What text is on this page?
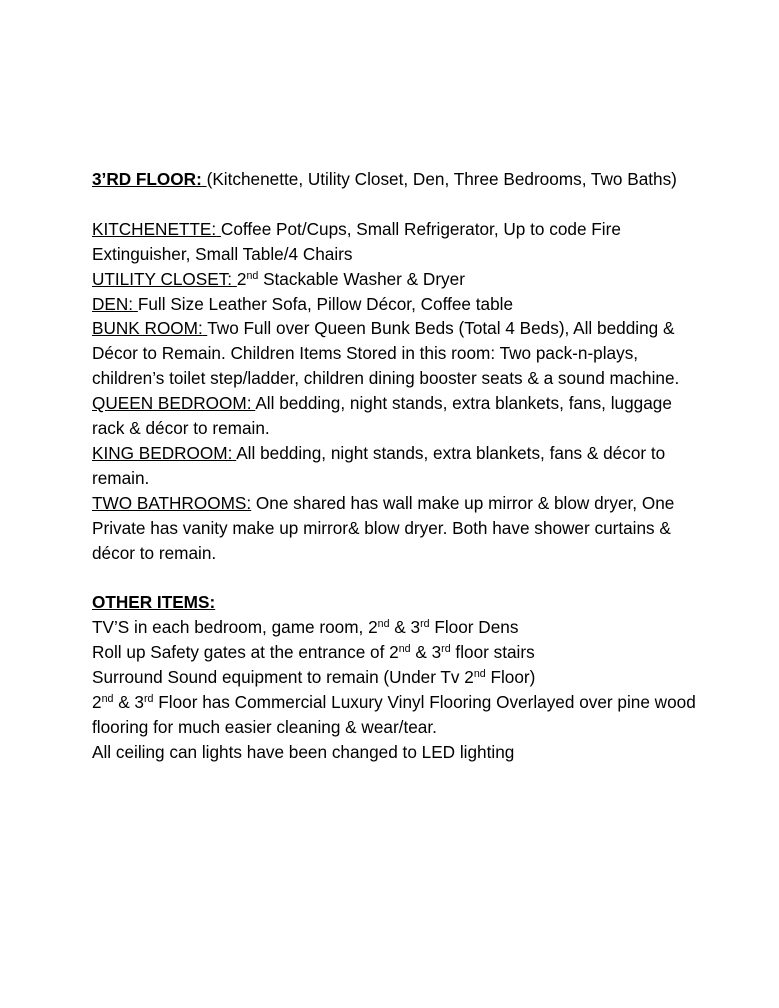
3’RD FLOOR: (Kitchenette, Utility Closet, Den, Three Bedrooms, Two Baths)

KITCHENETTE: Coffee Pot/Cups, Small Refrigerator, Up to code Fire Extinguisher, Small Table/4 Chairs

UTILITY CLOSET: 2nd Stackable Washer & Dryer

DEN: Full Size Leather Sofa, Pillow Décor, Coffee table

BUNK ROOM: Two Full over Queen Bunk Beds (Total 4 Beds), All bedding & Décor to Remain. Children Items Stored in this room: Two pack-n-plays, children’s toilet step/ladder, children dining booster seats & a sound machine.

QUEEN BEDROOM: All bedding, night stands, extra blankets, fans, luggage rack & décor to remain.

KING BEDROOM: All bedding, night stands, extra blankets, fans & décor to remain.

TWO BATHROOMS: One shared has wall make up mirror & blow dryer, One Private has vanity make up mirror& blow dryer. Both have shower curtains & décor to remain.

OTHER ITEMS:

TV’S in each bedroom, game room, 2nd & 3rd Floor Dens

Roll up Safety gates at the entrance of 2nd & 3rd floor stairs

Surround Sound equipment to remain (Under Tv 2nd Floor)

2nd & 3rd Floor has Commercial Luxury Vinyl Flooring Overlayed over pine wood flooring for much easier cleaning & wear/tear.

All ceiling can lights have been changed to LED lighting
